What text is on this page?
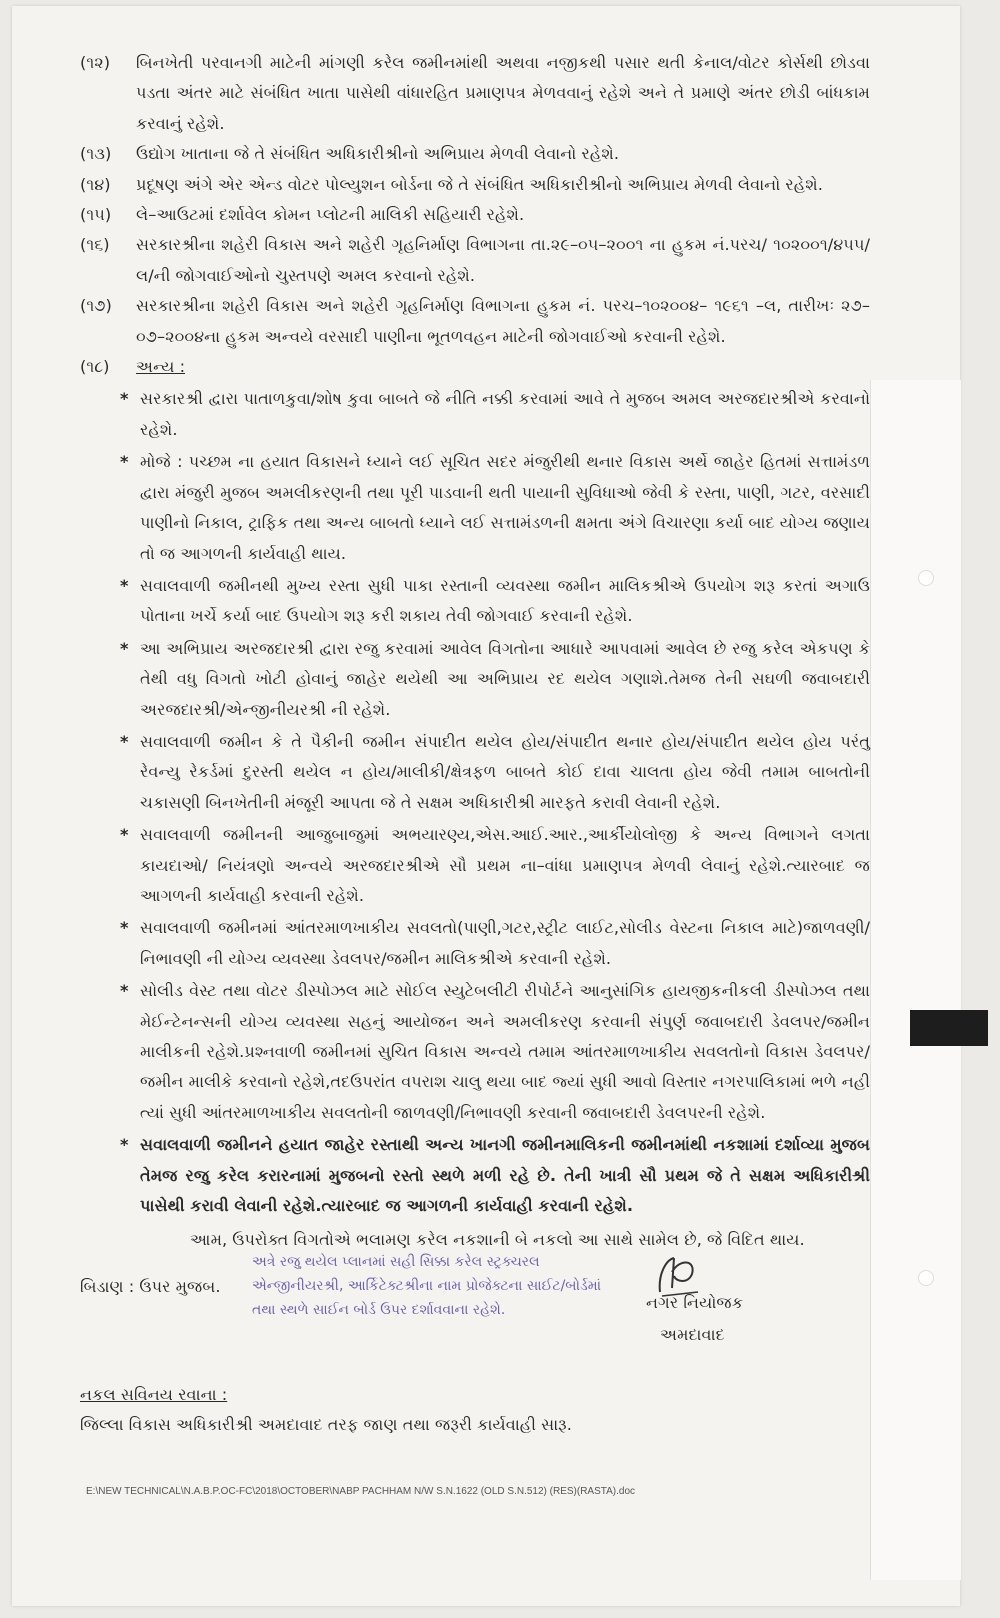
(૧૨)	બિનખેતી પરવાનગી માટેની માંગણી કરેલ જમીનમાંથી અથવા નજીકથી પસાર થતી કેનાલ/વોટર કોર્સથી છોડવા પડતા અંતર માટે સંબંધિત ખાતા પાસેથી વાંધારહિત પ્રમાણપત્ર મેળવવાનું રહેશે અને તે પ્રમાણે અંતર છોડી બાંધકામ કરવાનું રહેશે.
(૧૩)	ઉદ્યોગ ખાતાના જે તે સંબંધિત અધિકારીશ્રીનો અભિપ્રાય મેળવી લેવાનો રહેશે.
(૧૪)	પ્રદૂષણ અંગે એર એન્ડ વોટર પોલ્યુશન બોર્ડના જે તે સંબંધિત અધિકારીશ્રીનો અભિપ્રાય મેળવી લેવાનો રહેશે.
(૧૫)	લે–આઉટમાં દર્શાવેલ કોમન પ્લોટની માલિકી સહિયારી રહેશે.
(૧૬)	સરકારશ્રીના શહેરી વિકાસ અને શહેરી ગૃહનિર્માણ વિભાગના તા.૨૯–૦૫–૨૦૦૧ ના હુકમ નં.પરચ/ ૧૦૨૦૦૧/૪૫૫/લ/ની જોગવાઈઓનો ચુસ્તપણે અમલ કરવાનો રહેશે.
(૧૭)	સરકારશ્રીના શહેરી વિકાસ અને શહેરી ગૃહનિર્માણ વિભાગના હુકમ નં. પરચ–૧૦૨૦૦૪– ૧૯૬૧ –લ, તારીખઃ ૨૭–૦૭–૨૦૦૪ના હુકમ અન્વયે વરસાદી પાણીના ભૂતળવહન માટેની જોગવાઈઓ કરવાની રહેશે.
(૧૮)	અન્ય :
* સરકારશ્રી દ્વારા પાતાળકુવા/શોષ કુવા બાબતે જે નીતિ નક્કી કરવામાં આવે તે મુજબ અમલ અરજદારશ્રીએ કરવાનો રહેશે.
* મોજે : પચ્છમ ના હયાત વિકાસને ધ્યાને લઈ સૂચિત સદર મંજુરીથી થનાર વિકાસ અર્થે જાહેર હિતમાં સત્તામંડળ દ્વારા મંજુરી મુજબ અમલીકરણની તથા પૂરી પાડવાની થતી પાયાની સુવિધાઓ જેવી કે રસ્તા, પાણી, ગટર, વરસાદી પાણીનો નિકાલ, ટ્રાફિક તથા અન્ય બાબતો ધ્યાને લઈ સત્તામંડળની ક્ષમતા અંગે વિચારણા કર્યા બાદ યોગ્ય જણાય તો જ આગળની કાર્યવાહી થાય.
* સવાલવાળી જમીનથી મુખ્ય રસ્તા સુધી પાકા રસ્તાની વ્યવસ્થા જમીન માલિકશ્રીએ ઉપયોગ શરૂ કરતાં અગાઉ પોતાના ખર્ચે કર્યા બાદ ઉપયોગ શરૂ કરી શકાય તેવી જોગવાઈ કરવાની રહેશે.
* આ અભિપ્રાય અરજદારશ્રી દ્વારા રજુ કરવામાં આવેલ વિગતોના આધારે આપવામાં આવેલ છે રજુ કરેલ એકપણ કે તેથી વધુ વિગતો ખોટી હોવાનું જાહેર થયેથી આ અભિપ્રાય રદ થયેલ ગણાશે.તેમજ તેની સઘળી જવાબદારી અરજદારશ્રી/એન્જીનીયરશ્રી ની રહેશે.
* સવાલવાળી જમીન કે તે પૈકીની જમીન સંપાદીત થયેલ હોય/સંપાદીત થનાર હોય/સંપાદીત થયેલ હોય પરંતુ રેવન્યુ રેકર્ડમાં દુરસ્તી થયેલ ન હોય/માલીકી/ક્ષેત્રફળ બાબતે કોઈ દાવા ચાલતા હોય જેવી તમામ બાબતોની ચકાસણી બિનખેતીની મંજૂરી આપતા જે તે સક્ષમ અધિકારીશ્રી મારફતે કરાવી લેવાની રહેશે.
* સવાલવાળી જમીનની આજુબાજુમાં અભયારણ્ય,એસ.આઈ.આર.,આર્કીયોલોજી કે અન્ય વિભાગને લગતા કાયદાઓ/ નિયંત્રણો અન્વયે અરજદારશ્રીએ સૌ પ્રથમ ના–વાંધા પ્રમાણપત્ર મેળવી લેવાનું રહેશે.ત્યારબાદ જ આગળની કાર્યવાહી કરવાની રહેશે.
* સવાલવાળી જમીનમાં આંતરમાળખાકીય સવલતો(પાણી,ગટર,સ્ટ્રીટ લાઈટ,સોલીડ વેસ્ટના નિકાલ માટે)જાળવણી/ નિભાવણી ની યોગ્ય વ્યવસ્થા ડેવલપર/જમીન માલિકશ્રીએ કરવાની રહેશે.
* સોલીડ વેસ્ટ તથા વોટર ડીસ્પોઝલ માટે સોઈલ સ્યુટેબલીટી રીપોર્ટને આનુસાંગિક હાયજીકનીકલી ડીસ્પોઝલ તથા મેઈન્ટેનન્સની યોગ્ય વ્યવસ્થા સહનું આયોજન અને અમલીકરણ કરવાની સંપુર્ણ જવાબદારી ડેવલપર/જમીન માલીકની રહેશે.પ્રશ્નવાળી જમીનમાં સુચિત વિકાસ અન્વયે તમામ આંતરમાળખાકીય સવલતોનો વિકાસ ડેવલપર/ જમીન માલીકે કરવાનો રહેશે,તદઉપરાંત વપરાશ ચાલુ થયા બાદ જ્યાં સુધી આવો વિસ્તાર નગરપાલિકામાં ભળે નહી ત્યાં સુધી આંતરમાળખાકીય સવલતોની જાળવણી/નિભાવણી કરવાની જવાબદારી ડેવલપરની રહેશે.
* સવાલવાળી જમીનને હયાત જાહેર રસ્તાથી અન્ય ખાનગી જમીનમાલિકની જમીનમાંથી નકશામાં દર્શાવ્યા મુજબ તેમજ રજુ કરેલ કરારનામાં મુજબનો રસ્તો સ્થળે મળી રહે છે. તેની ખાત્રી સૌ પ્રથમ જે તે સક્ષમ અધિકારીશ્રી પાસેથી કરાવી લેવાની રહેશે.ત્યારબાદ જ આગળની કાર્યવાહી કરવાની રહેશે.
આમ, ઉપરોક્ત વિગતોએ ભલામણ કરેલ નકશાની બે નકલો આ સાથે સામેલ છે, જે વિદિત થાય.
બિડાણ : ઉપર મુજબ.
અત્રે રજુ થયેલ પ્લાનમાં સહી સિક્કા કરેલ સ્ટ્રક્ચરલ
એન્જીનીયરશ્રી, આર્કિટેક્ટશ્રીના નામ પ્રોજેક્ટના સાઈટ/બોર્ડમાં
તથા સ્થળે સાઈન બોર્ડ ઉપર દર્શાવવાના રહેશે.	નગર નિયોજક
અમદાવાદ
નકલ સવિનય રવાના :
જિલ્લા વિકાસ અધિકારીશ્રી અમદાવાદ તરફ જાણ તથા જરૂરી કાર્યવાહી સારૂ.
E:\NEW TECHNICAL\N.A.B.P.OC-FC\2018\OCTOBER\NABP PACHHAM N/W S.N.1622 (OLD S.N.512) (RES)(RASTA).doc
